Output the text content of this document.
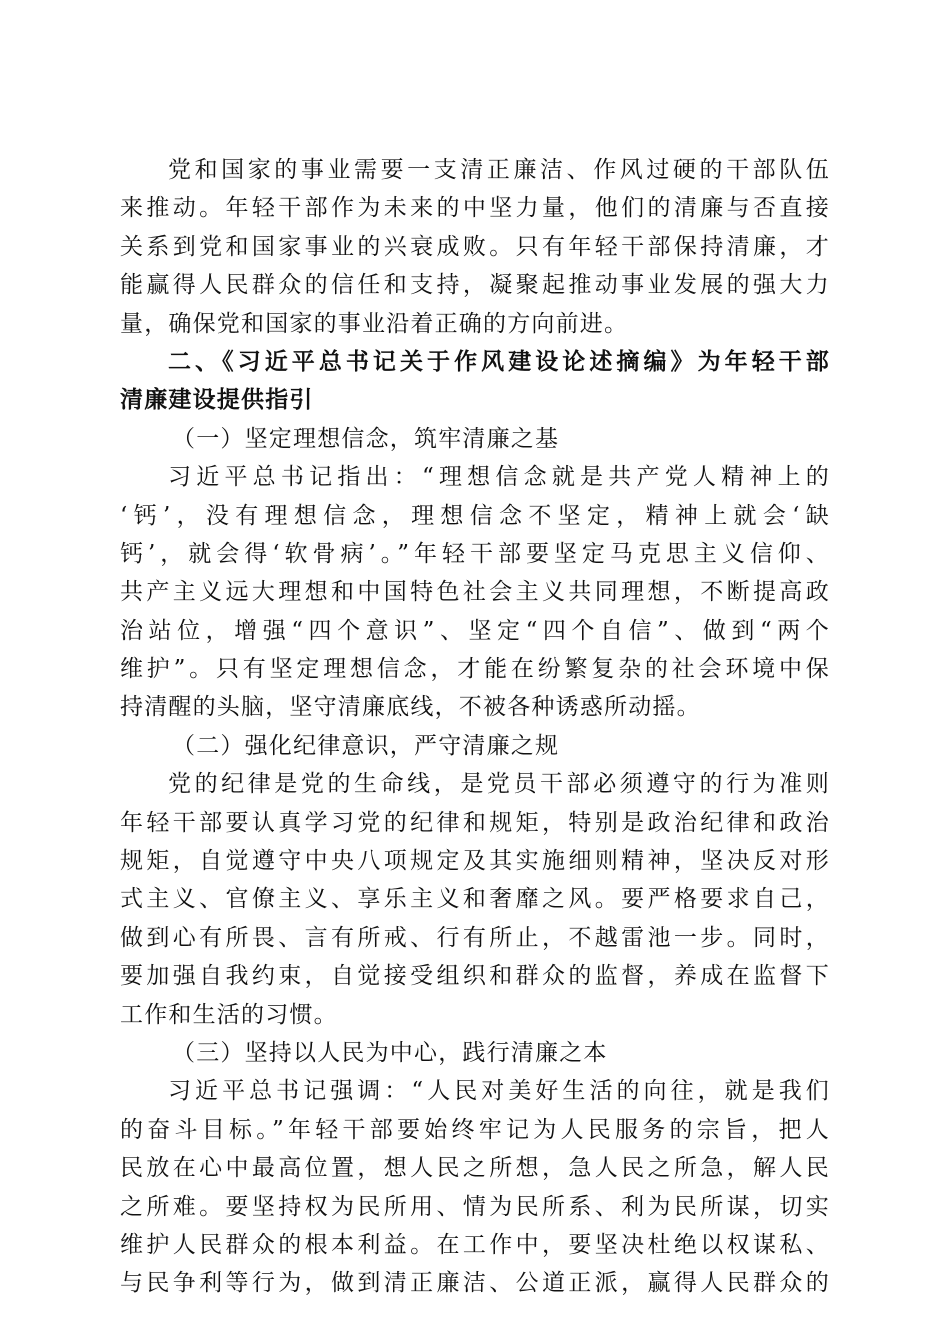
党和国家的事业需要一支清正廉洁、作风过硬的干部队伍
来推动。年轻干部作为未来的中坚力量，他们的清廉与否直接
关系到党和国家事业的兴衰成败。只有年轻干部保持清廉，才
能赢得人民群众的信任和支持，凝聚起推动事业发展的强大力
量，确保党和国家的事业沿着正确的方向前进。
二、《习近平总书记关于作风建设论述摘编》为年轻干部
清廉建设提供指引
（一）坚定理想信念，筑牢清廉之基
习近平总书记指出：“理想信念就是共产党人精神上的
‘钙’，没有理想信念，理想信念不坚定，精神上就会‘缺
钙’，就会得‘软骨病’。”年轻干部要坚定马克思主义信仰、
共产主义远大理想和中国特色社会主义共同理想，不断提高政
治站位，增强“四个意识”、坚定“四个自信”、做到“两个
维护”。只有坚定理想信念，才能在纷繁复杂的社会环境中保
持清醒的头脑，坚守清廉底线，不被各种诱惑所动摇。
（二）强化纪律意识，严守清廉之规
党的纪律是党的生命线，是党员干部必须遵守的行为准则
年轻干部要认真学习党的纪律和规矩，特别是政治纪律和政治
规矩，自觉遵守中央八项规定及其实施细则精神，坚决反对形
式主义、官僚主义、享乐主义和奢靡之风。要严格要求自己，
做到心有所畏、言有所戒、行有所止，不越雷池一步。同时，
要加强自我约束，自觉接受组织和群众的监督，养成在监督下
工作和生活的习惯。
（三）坚持以人民为中心，践行清廉之本
习近平总书记强调：“人民对美好生活的向往，就是我们
的奋斗目标。”年轻干部要始终牢记为人民服务的宗旨，把人
民放在心中最高位置，想人民之所想，急人民之所急，解人民
之所难。要坚持权为民所用、情为民所系、利为民所谋，切实
维护人民群众的根本利益。在工作中，要坚决杜绝以权谋私、
与民争利等行为，做到清正廉洁、公道正派，赢得人民群众的
